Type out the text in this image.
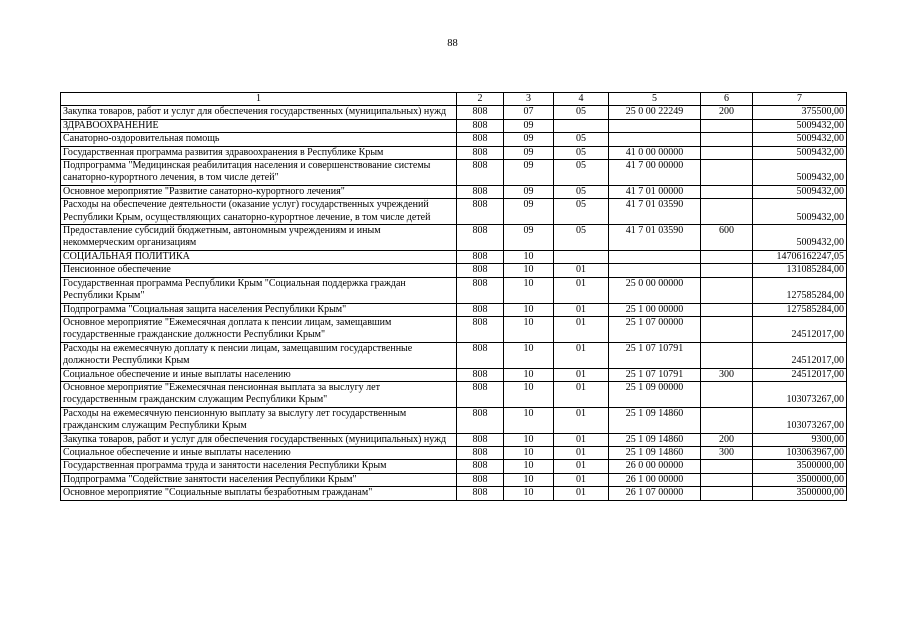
88
1	2	3	4	5	6	7
Закупка товаров, работ и услуг для обеспечения государственных (муниципальных) нужд	808	07	05	25 0 00 22249	200	375500,00
ЗДРАВООХРАНЕНИЕ	808	09				5009432,00
Санаторно-оздоровительная помощь	808	09	05			5009432,00
Государственная программа развития здравоохранения в Республике Крым	808	09	05	41 0 00 00000		5009432,00
Подпрограмма "Медицинская реабилитация населения и совершенствование системы санаторно-курортного лечения, в том числе детей"	808	09	05	41 7 00 00000		5009432,00
Основное мероприятие "Развитие санаторно-курортного лечения"	808	09	05	41 7 01 00000		5009432,00
Расходы на обеспечение деятельности (оказание услуг) государственных учреждений Республики Крым, осуществляющих санаторно-курортное лечение, в том числе детей	808	09	05	41 7 01 03590		5009432,00
Предоставление субсидий бюджетным, автономным учреждениям и иным некоммерческим организациям	808	09	05	41 7 01 03590	600	5009432,00
СОЦИАЛЬНАЯ ПОЛИТИКА	808	10				14706162247,05
Пенсионное обеспечение	808	10	01			131085284,00
Государственная программа Республики Крым "Социальная поддержка граждан Республики Крым"	808	10	01	25 0 00 00000		127585284,00
Подпрограмма "Социальная защита населения Республики Крым"	808	10	01	25 1 00 00000		127585284,00
Основное мероприятие "Ежемесячная доплата к пенсии лицам, замещавшим государственные гражданские должности Республики Крым"	808	10	01	25 1 07 00000		24512017,00
Расходы на ежемесячную доплату к пенсии лицам, замещавшим государственные должности Республики Крым	808	10	01	25 1 07 10791		24512017,00
Социальное обеспечение и иные выплаты населению	808	10	01	25 1 07 10791	300	24512017,00
Основное мероприятие "Ежемесячная пенсионная выплата за выслугу лет государственным гражданским служащим Республики Крым"	808	10	01	25 1 09 00000		103073267,00
Расходы на ежемесячную пенсионную выплату за выслугу лет государственным гражданским служащим Республики Крым	808	10	01	25 1 09 14860		103073267,00
Закупка товаров, работ и услуг для обеспечения государственных (муниципальных) нужд	808	10	01	25 1 09 14860	200	9300,00
Социальное обеспечение и иные выплаты населению	808	10	01	25 1 09 14860	300	103063967,00
Государственная программа труда и занятости населения Республики Крым	808	10	01	26 0 00 00000		3500000,00
Подпрограмма "Содействие занятости населения Республики Крым"	808	10	01	26 1 00 00000		3500000,00
Основное мероприятие "Социальные выплаты безработным гражданам"	808	10	01	26 1 07 00000		3500000,00
